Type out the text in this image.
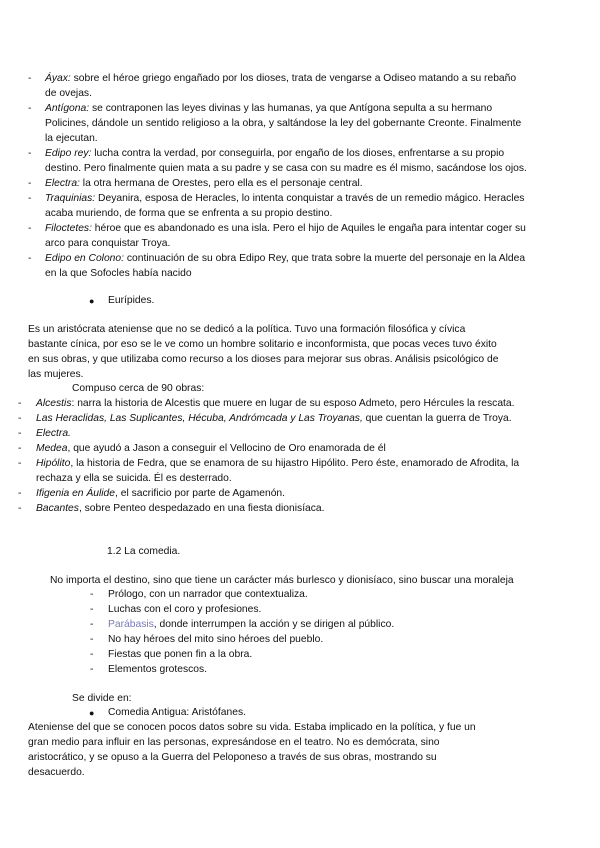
- Áyax: sobre el héroe griego engañado por los dioses, trata de vengarse a Odiseo matando a su rebaño
de ovejas.
- Antígona: se contraponen las leyes divinas y las humanas, ya que Antígona sepulta a su hermano
Policines, dándole un sentido religioso a la obra, y saltándose la ley del gobernante Creonte. Finalmente
la ejecutan.
- Edipo rey: lucha contra la verdad, por conseguirla, por engaño de los dioses, enfrentarse a su propio
destino. Pero finalmente quien mata a su padre y se casa con su madre es él mismo, sacándose los ojos.
- Electra: la otra hermana de Orestes, pero ella es el personaje central.
- Traquinias: Deyanira, esposa de Heracles, lo intenta conquistar a través de un remedio mágico. Heracles
acaba muriendo, de forma que se enfrenta a su propio destino.
- Filoctetes: héroe que es abandonado es una isla. Pero el hijo de Aquiles le engaña para intentar coger su
arco para conquistar Troya.
- Edipo en Colono: continuación de su obra Edipo Rey, que trata sobre la muerte del personaje en la Aldea
en la que Sofocles había nacido
● Eurípides.
Es un aristócrata ateniense que no se dedicó a la política. Tuvo una formación filosófica y cívica
bastante cínica, por eso se le ve como un hombre solitario e inconformista, que pocas veces tuvo éxito
en sus obras, y que utilizaba como recurso a los dioses para mejorar sus obras. Análisis psicológico de
las mujeres.
Compuso cerca de 90 obras:
- Alcestis: narra la historia de Alcestis que muere en lugar de su esposo Admeto, pero Hércules la rescata.
- Las Heraclidas, Las Suplicantes, Hécuba, Andrómcada y Las Troyanas, que cuentan la guerra de Troya.
- Electra.
- Medea, que ayudó a Jason a conseguir el Vellocino de Oro enamorada de él
- Hipólito, la historia de Fedra, que se enamora de su hijastro Hipólito. Pero éste, enamorado de Afrodita, la
rechaza y ella se suicida. Él es desterrado.
- Ifigenia en Áulide, el sacrificio por parte de Agamenón.
- Bacantes, sobre Penteo despedazado en una fiesta dionisíaca.
1.2 La comedia.
No importa el destino, sino que tiene un carácter más burlesco y dionisíaco, sino buscar una moraleja
- Prólogo, con un narrador que contextualiza.
- Luchas con el coro y profesiones.
- Parábasis, donde interrumpen la acción y se dirigen al público.
- No hay héroes del mito sino héroes del pueblo.
- Fiestas que ponen fin a la obra.
- Elementos grotescos.
Se divide en:
● Comedia Antigua: Aristófanes.
Ateniense del que se conocen pocos datos sobre su vida. Estaba implicado en la política, y fue un
gran medio para influir en las personas, expresándose en el teatro. No es demócrata, sino
aristocrático, y se opuso a la Guerra del Peloponeso a través de sus obras, mostrando su
desacuerdo.
